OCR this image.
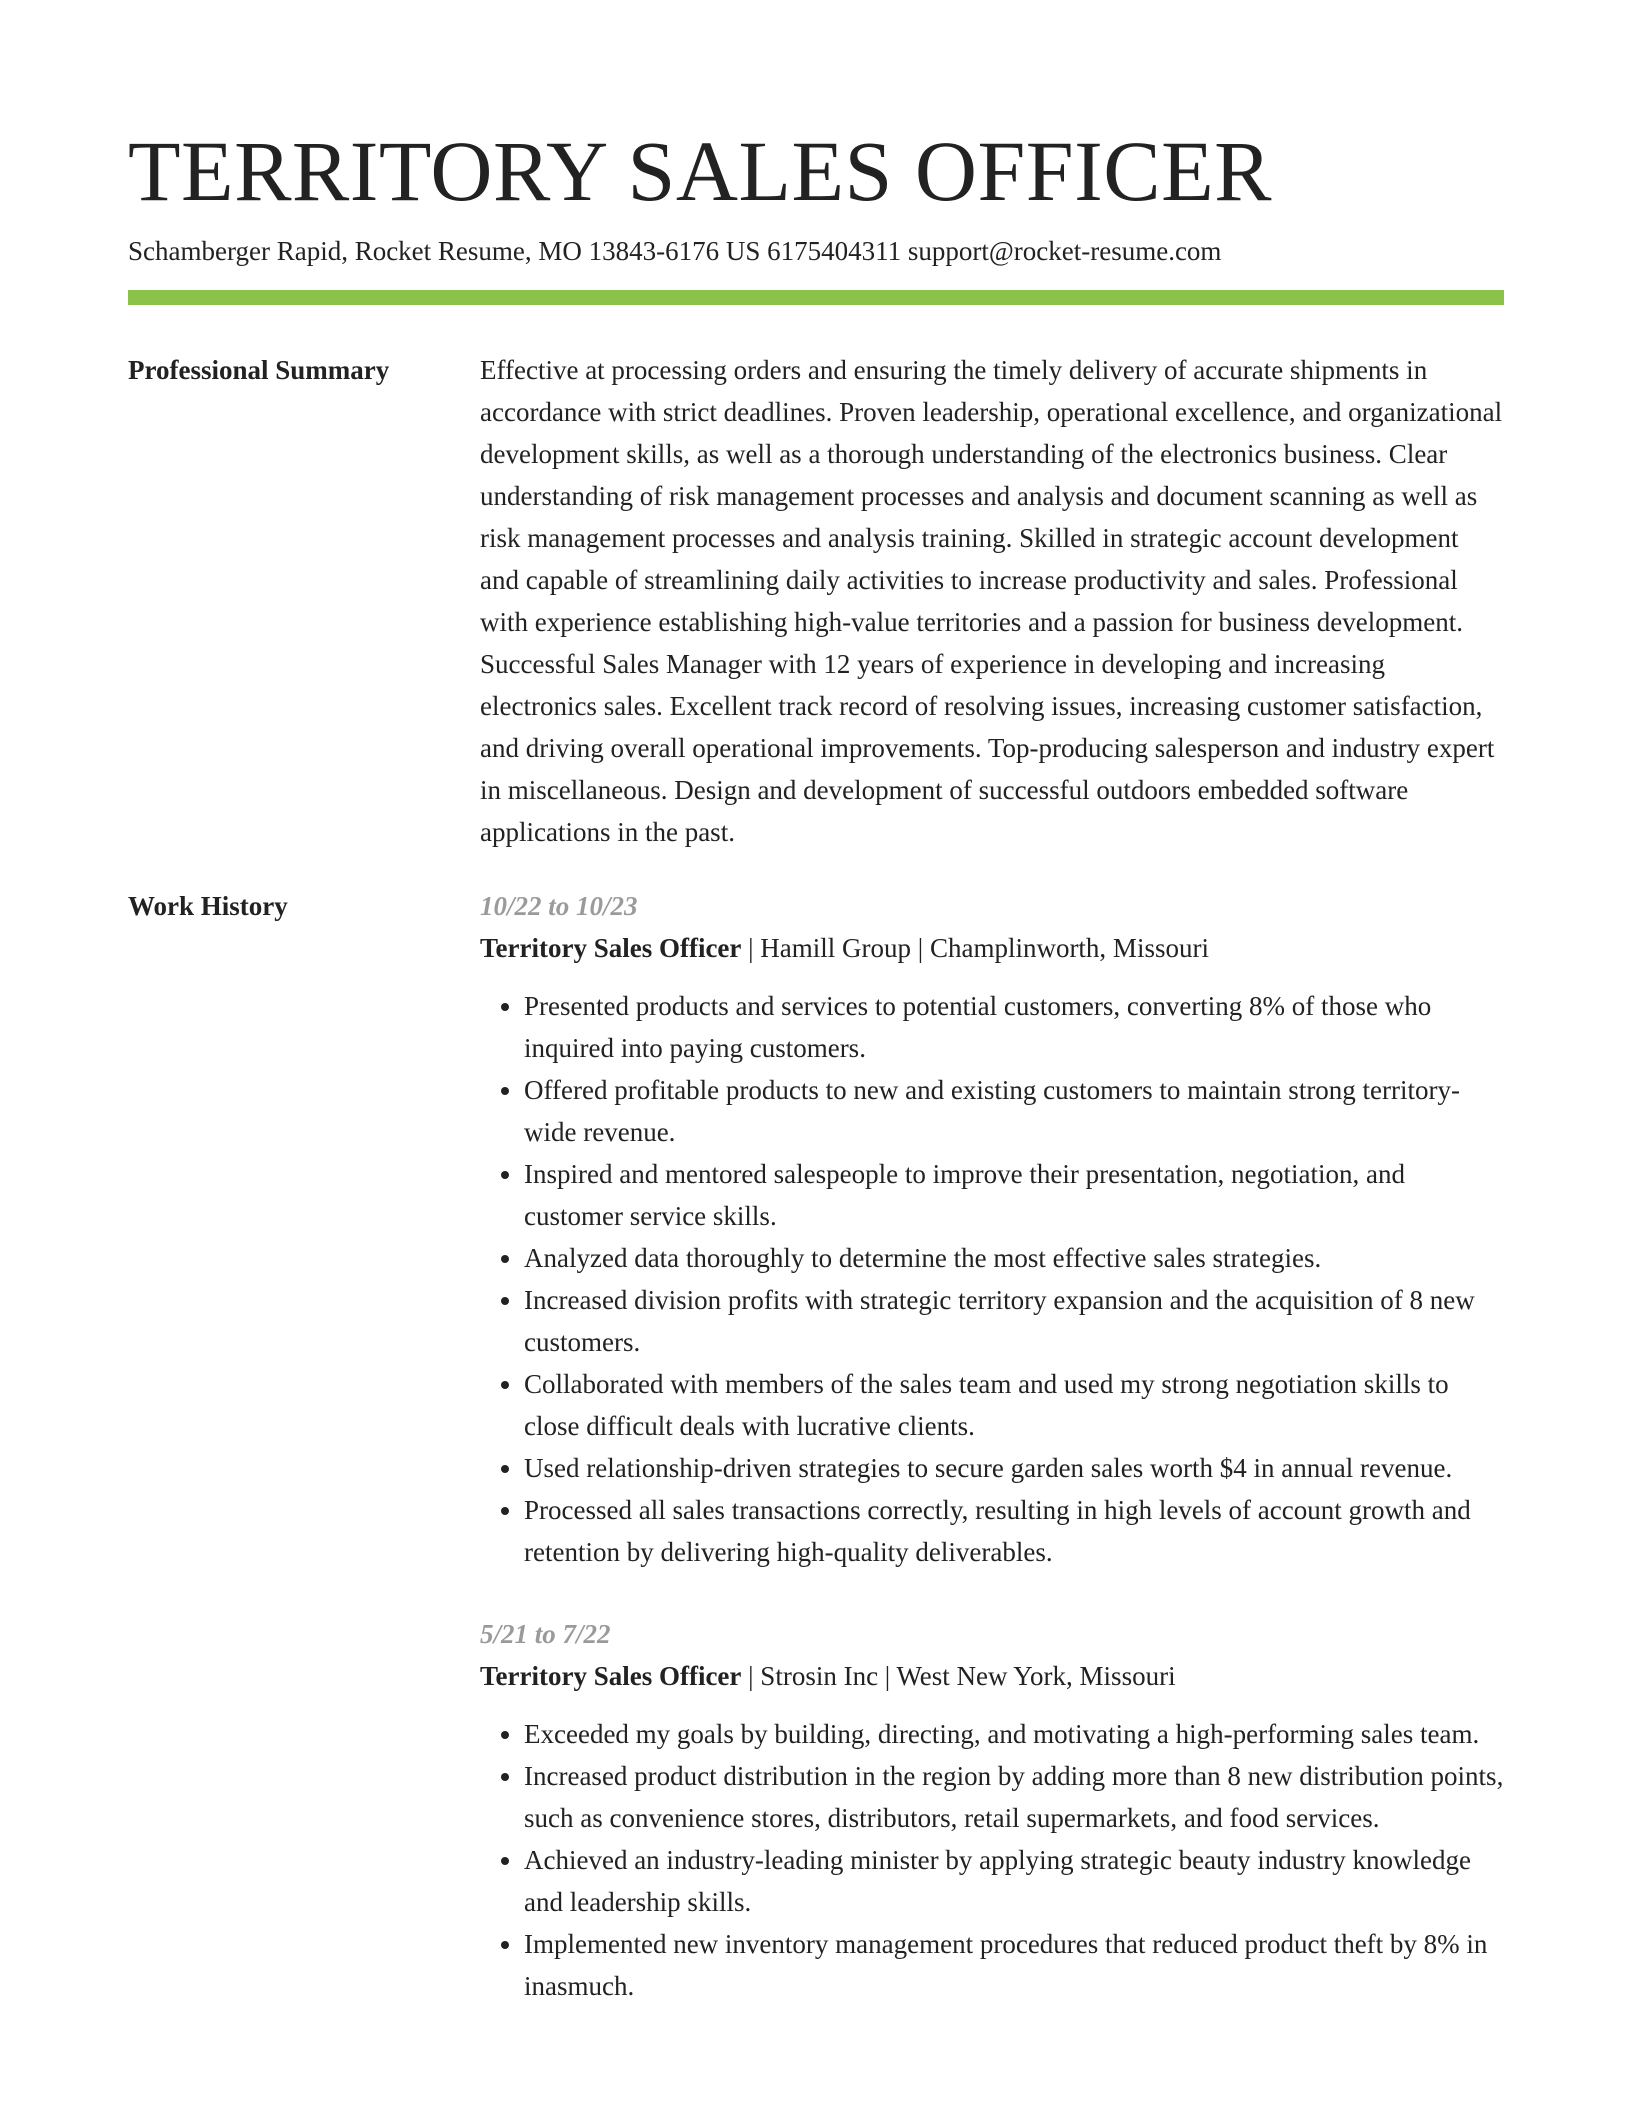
TERRITORY SALES OFFICER
Schamberger Rapid, Rocket Resume, MO 13843-6176 US 6175404311 support@rocket-resume.com
Professional Summary	Effective at processing orders and ensuring the timely delivery of accurate shipments in accordance with strict deadlines. Proven leadership, operational excellence, and organizational development skills, as well as a thorough understanding of the electronics business. Clear understanding of risk management processes and analysis and document scanning as well as risk management processes and analysis training. Skilled in strategic account development and capable of streamlining daily activities to increase productivity and sales. Professional with experience establishing high-value territories and a passion for business development. Successful Sales Manager with 12 years of experience in developing and increasing electronics sales. Excellent track record of resolving issues, increasing customer satisfaction, and driving overall operational improvements. Top-producing salesperson and industry expert in miscellaneous. Design and development of successful outdoors embedded software applications in the past.

Work History	10/22 to 10/23
Territory Sales Officer | Hamill Group | Champlinworth, Missouri
• Presented products and services to potential customers, converting 8% of those who inquired into paying customers.
• Offered profitable products to new and existing customers to maintain strong territory-wide revenue.
• Inspired and mentored salespeople to improve their presentation, negotiation, and customer service skills.
• Analyzed data thoroughly to determine the most effective sales strategies.
• Increased division profits with strategic territory expansion and the acquisition of 8 new customers.
• Collaborated with members of the sales team and used my strong negotiation skills to close difficult deals with lucrative clients.
• Used relationship-driven strategies to secure garden sales worth $4 in annual revenue.
• Processed all sales transactions correctly, resulting in high levels of account growth and retention by delivering high-quality deliverables.
5/21 to 7/22
Territory Sales Officer | Strosin Inc | West New York, Missouri
• Exceeded my goals by building, directing, and motivating a high-performing sales team.
• Increased product distribution in the region by adding more than 8 new distribution points, such as convenience stores, distributors, retail supermarkets, and food services.
• Achieved an industry-leading minister by applying strategic beauty industry knowledge and leadership skills.
• Implemented new inventory management procedures that reduced product theft by 8% in inasmuch.
